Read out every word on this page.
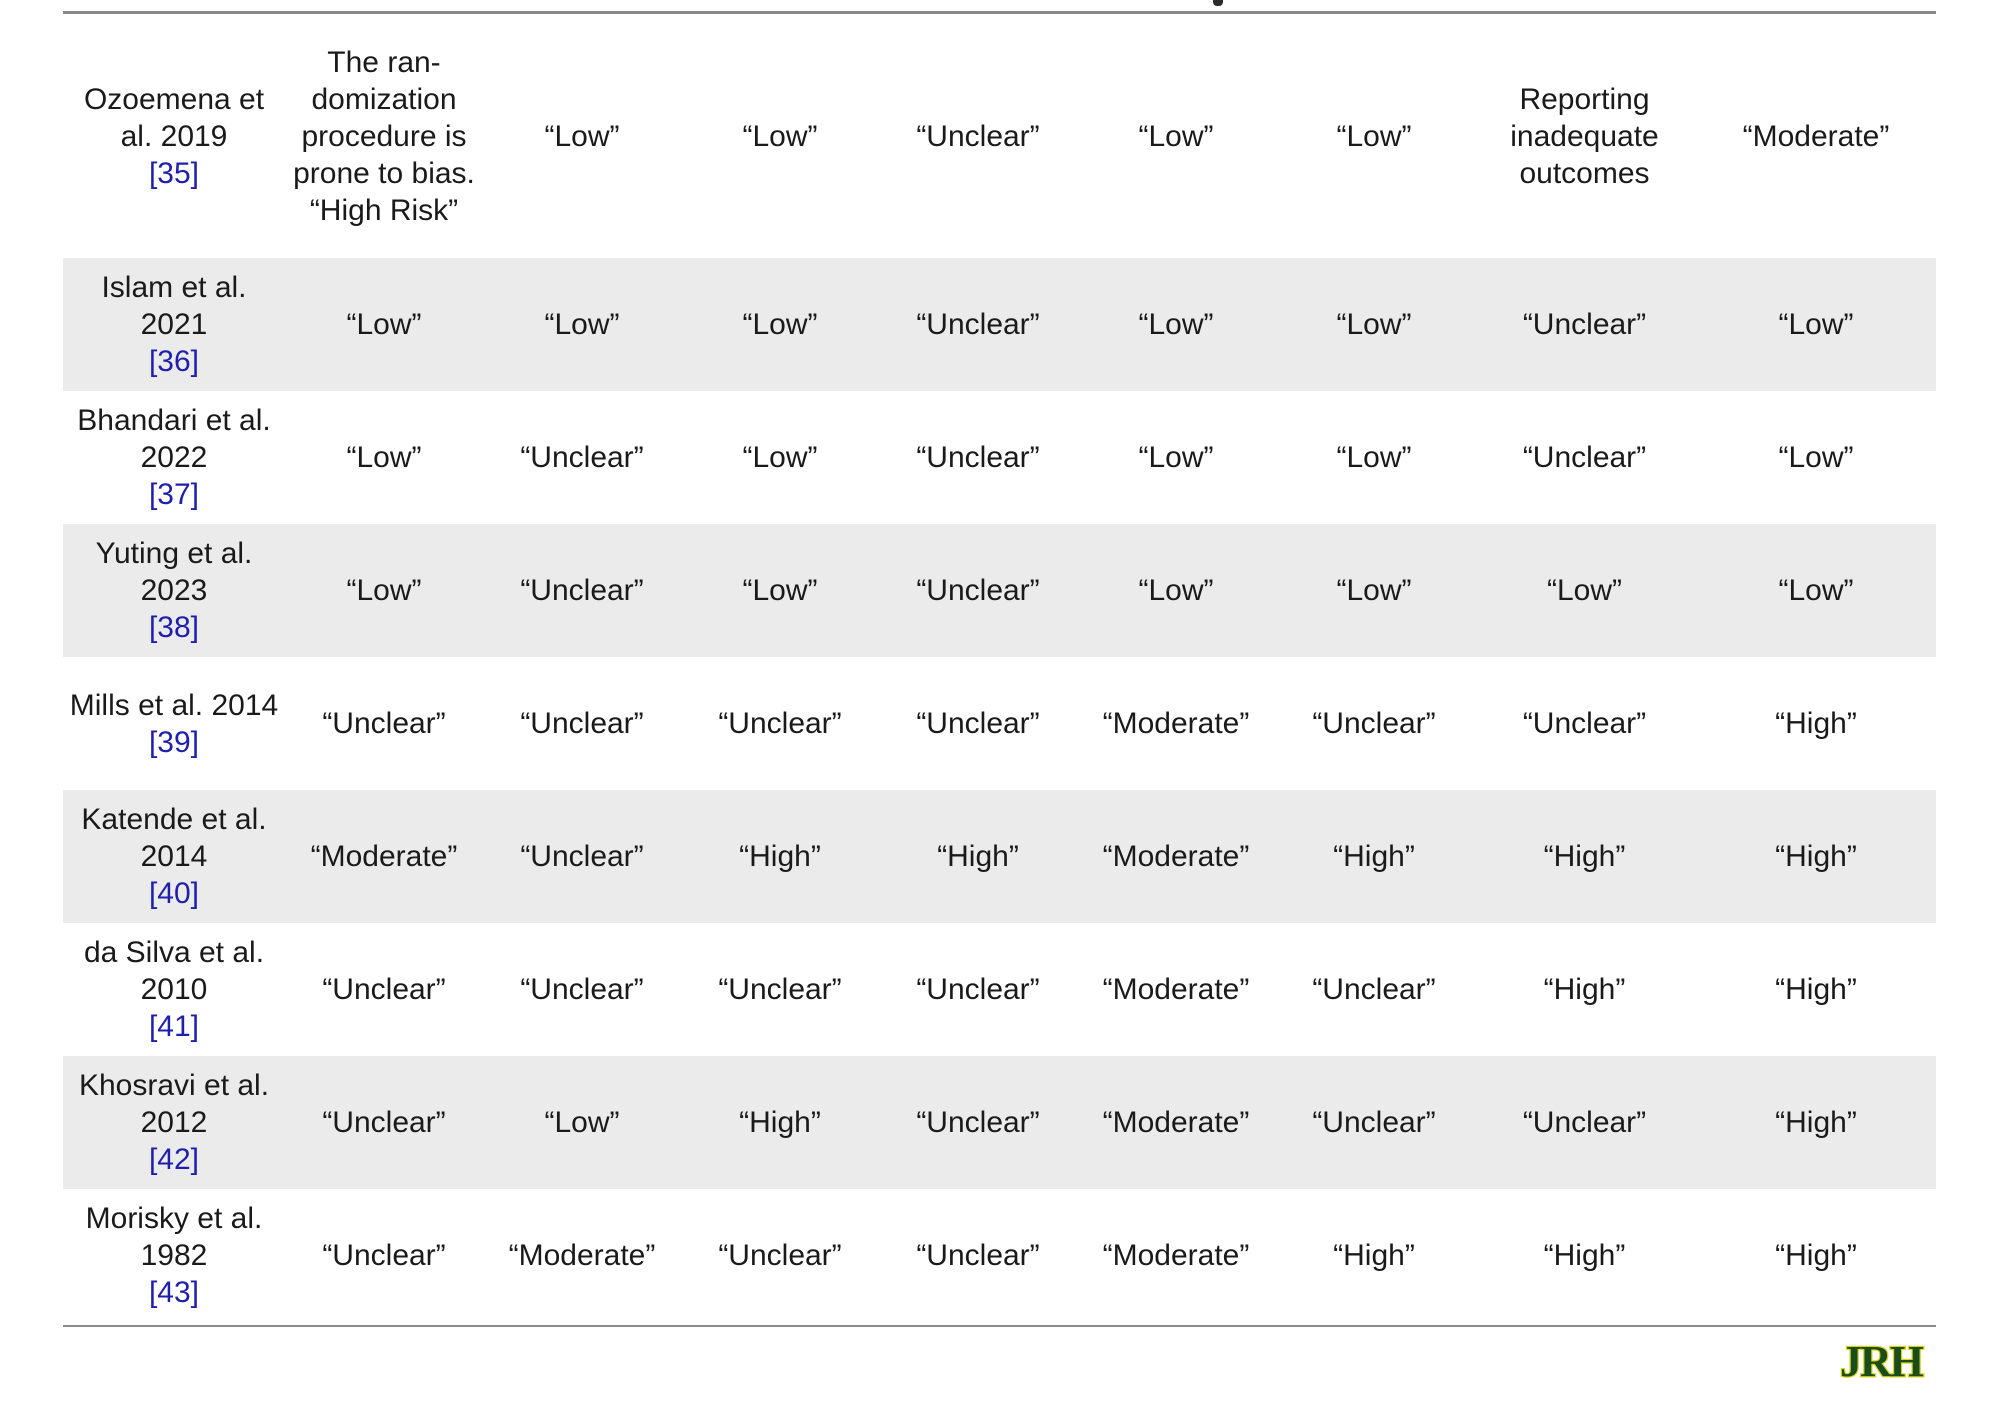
Ozoemena et al. 2019
[35]	The ran-domization procedure is prone to bias. “High Risk”	“Low”	“Low”	“Unclear”	“Low”	“Low”	Reporting inadequate outcomes	“Moderate”

Islam et al. 2021
[36]	“Low”	“Low”	“Low”	“Unclear”	“Low”	“Low”	“Unclear”	“Low”

Bhandari et al. 2022
[37]	“Low”	“Unclear”	“Low”	“Unclear”	“Low”	“Low”	“Unclear”	“Low”

Yuting et al. 2023
[38]	“Low”	“Unclear”	“Low”	“Unclear”	“Low”	“Low”	“Low”	“Low”

Mills et al. 2014
[39]	“Unclear”	“Unclear”	“Unclear”	“Unclear”	“Moderate”	“Unclear”	“Unclear”	“High”

Katende et al. 2014
[40]	“Moderate”	“Unclear”	“High”	“High”	“Moderate”	“High”	“High”	“High”

da Silva et al. 2010
[41]	“Unclear”	“Unclear”	“Unclear”	“Unclear”	“Moderate”	“Unclear”	“High”	“High”

Khosravi et al. 2012
[42]	“Unclear”	“Low”	“High”	“Unclear”	“Moderate”	“Unclear”	“Unclear”	“High”

Morisky et al. 1982
[43]	“Unclear”	“Moderate”	“Unclear”	“Unclear”	“Moderate”	“High”	“High”	“High”
JRH
